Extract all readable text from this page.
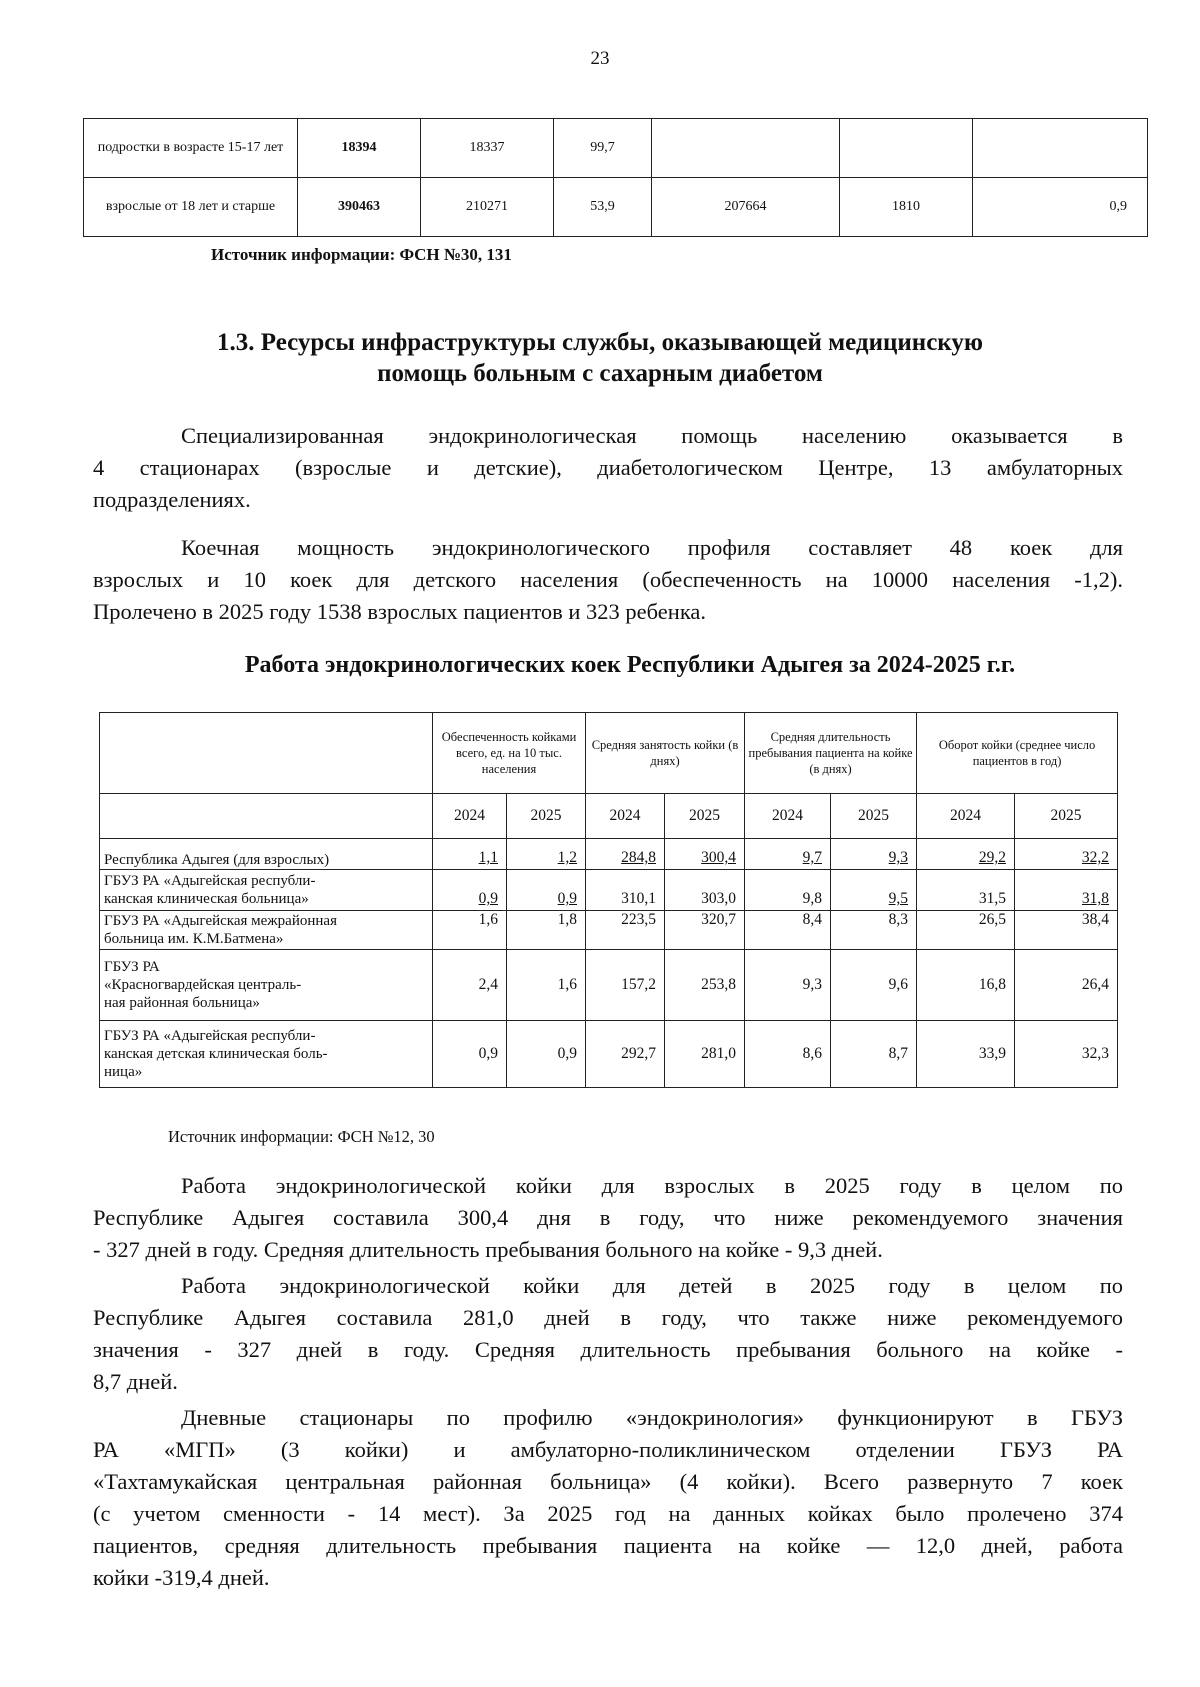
23
подростки в возрасте 15-17 лет	18394	18337	99,7			
взрослые от 18 лет и старше	390463	210271	53,9	207664	1810	0,9
Источник информации: ФСН №30, 131
1.3. Ресурсы инфраструктуры службы, оказывающей медицинскую
помощь больным с сахарным диабетом
Специализированная эндокринологическая помощь населению оказывается в
4 стационарах (взрослые и детские), диабетологическом Центре, 13 амбулаторных
подразделениях.
Коечная мощность эндокринологического профиля составляет 48 коек для
взрослых и 10 коек для детского населения (обеспеченность на 10000 населения -1,2).
Пролечено в 2025 году 1538 взрослых пациентов и 323 ребенка.
Работа эндокринологических коек Республики Адыгея за 2024-2025 г.г.
	Обеспеченность койками всего, ед. на 10 тыс. населения		Средняя занятость койки (в днях)		Средняя длительность пребывания пациента на койке (в днях)		Оборот койки (среднее число пациентов в год)	
	2024	2025	2024	2025	2024	2025	2024	2025
Республика Адыгея (для взрослых)	1,1	1,2	284,8	300,4	9,7	9,3	29,2	32,2

ГБУЗ РА «Адыгейская республи-
канская клиническая больница»	0,9	0,9	310,1	303,0	9,8	9,5	31,5	31,8

ГБУЗ РА «Адыгейская межрайонная
больница им. К.М.Батмена»	1,6	1,8	223,5	320,7	8,4	8,3	26,5	38,4

ГБУЗ РА
«Красногвардейская централь-
ная районная больница»	2,4	1,6	157,2	253,8	9,3	9,6	16,8	26,4

ГБУЗ РА «Адыгейская республи-
канская детская клиническая боль-
ница»	0,9	0,9	292,7	281,0	8,6	8,7	33,9	32,3
Источник информации: ФСН №12, 30
Работа эндокринологической койки для взрослых в 2025 году в целом по
Республике Адыгея составила 300,4 дня в году, что ниже рекомендуемого значения
- 327 дней в году. Средняя длительность пребывания больного на койке - 9,3 дней.
Работа эндокринологической койки для детей в 2025 году в целом по
Республике Адыгея составила 281,0 дней в году, что также ниже рекомендуемого
значения - 327 дней в году. Средняя длительность пребывания больного на койке -
8,7 дней.
Дневные стационары по профилю «эндокринология» функционируют в ГБУЗ
РА «МГП» (3 койки) и амбулаторно-поликлиническом отделении ГБУЗ РА
«Тахтамукайская центральная районная больница» (4 койки). Всего развернуто 7 коек
(с учетом сменности - 14 мест). За 2025 год на данных койках было пролечено 374
пациентов, средняя длительность пребывания пациента на койке — 12,0 дней, работа
койки -319,4 дней.
